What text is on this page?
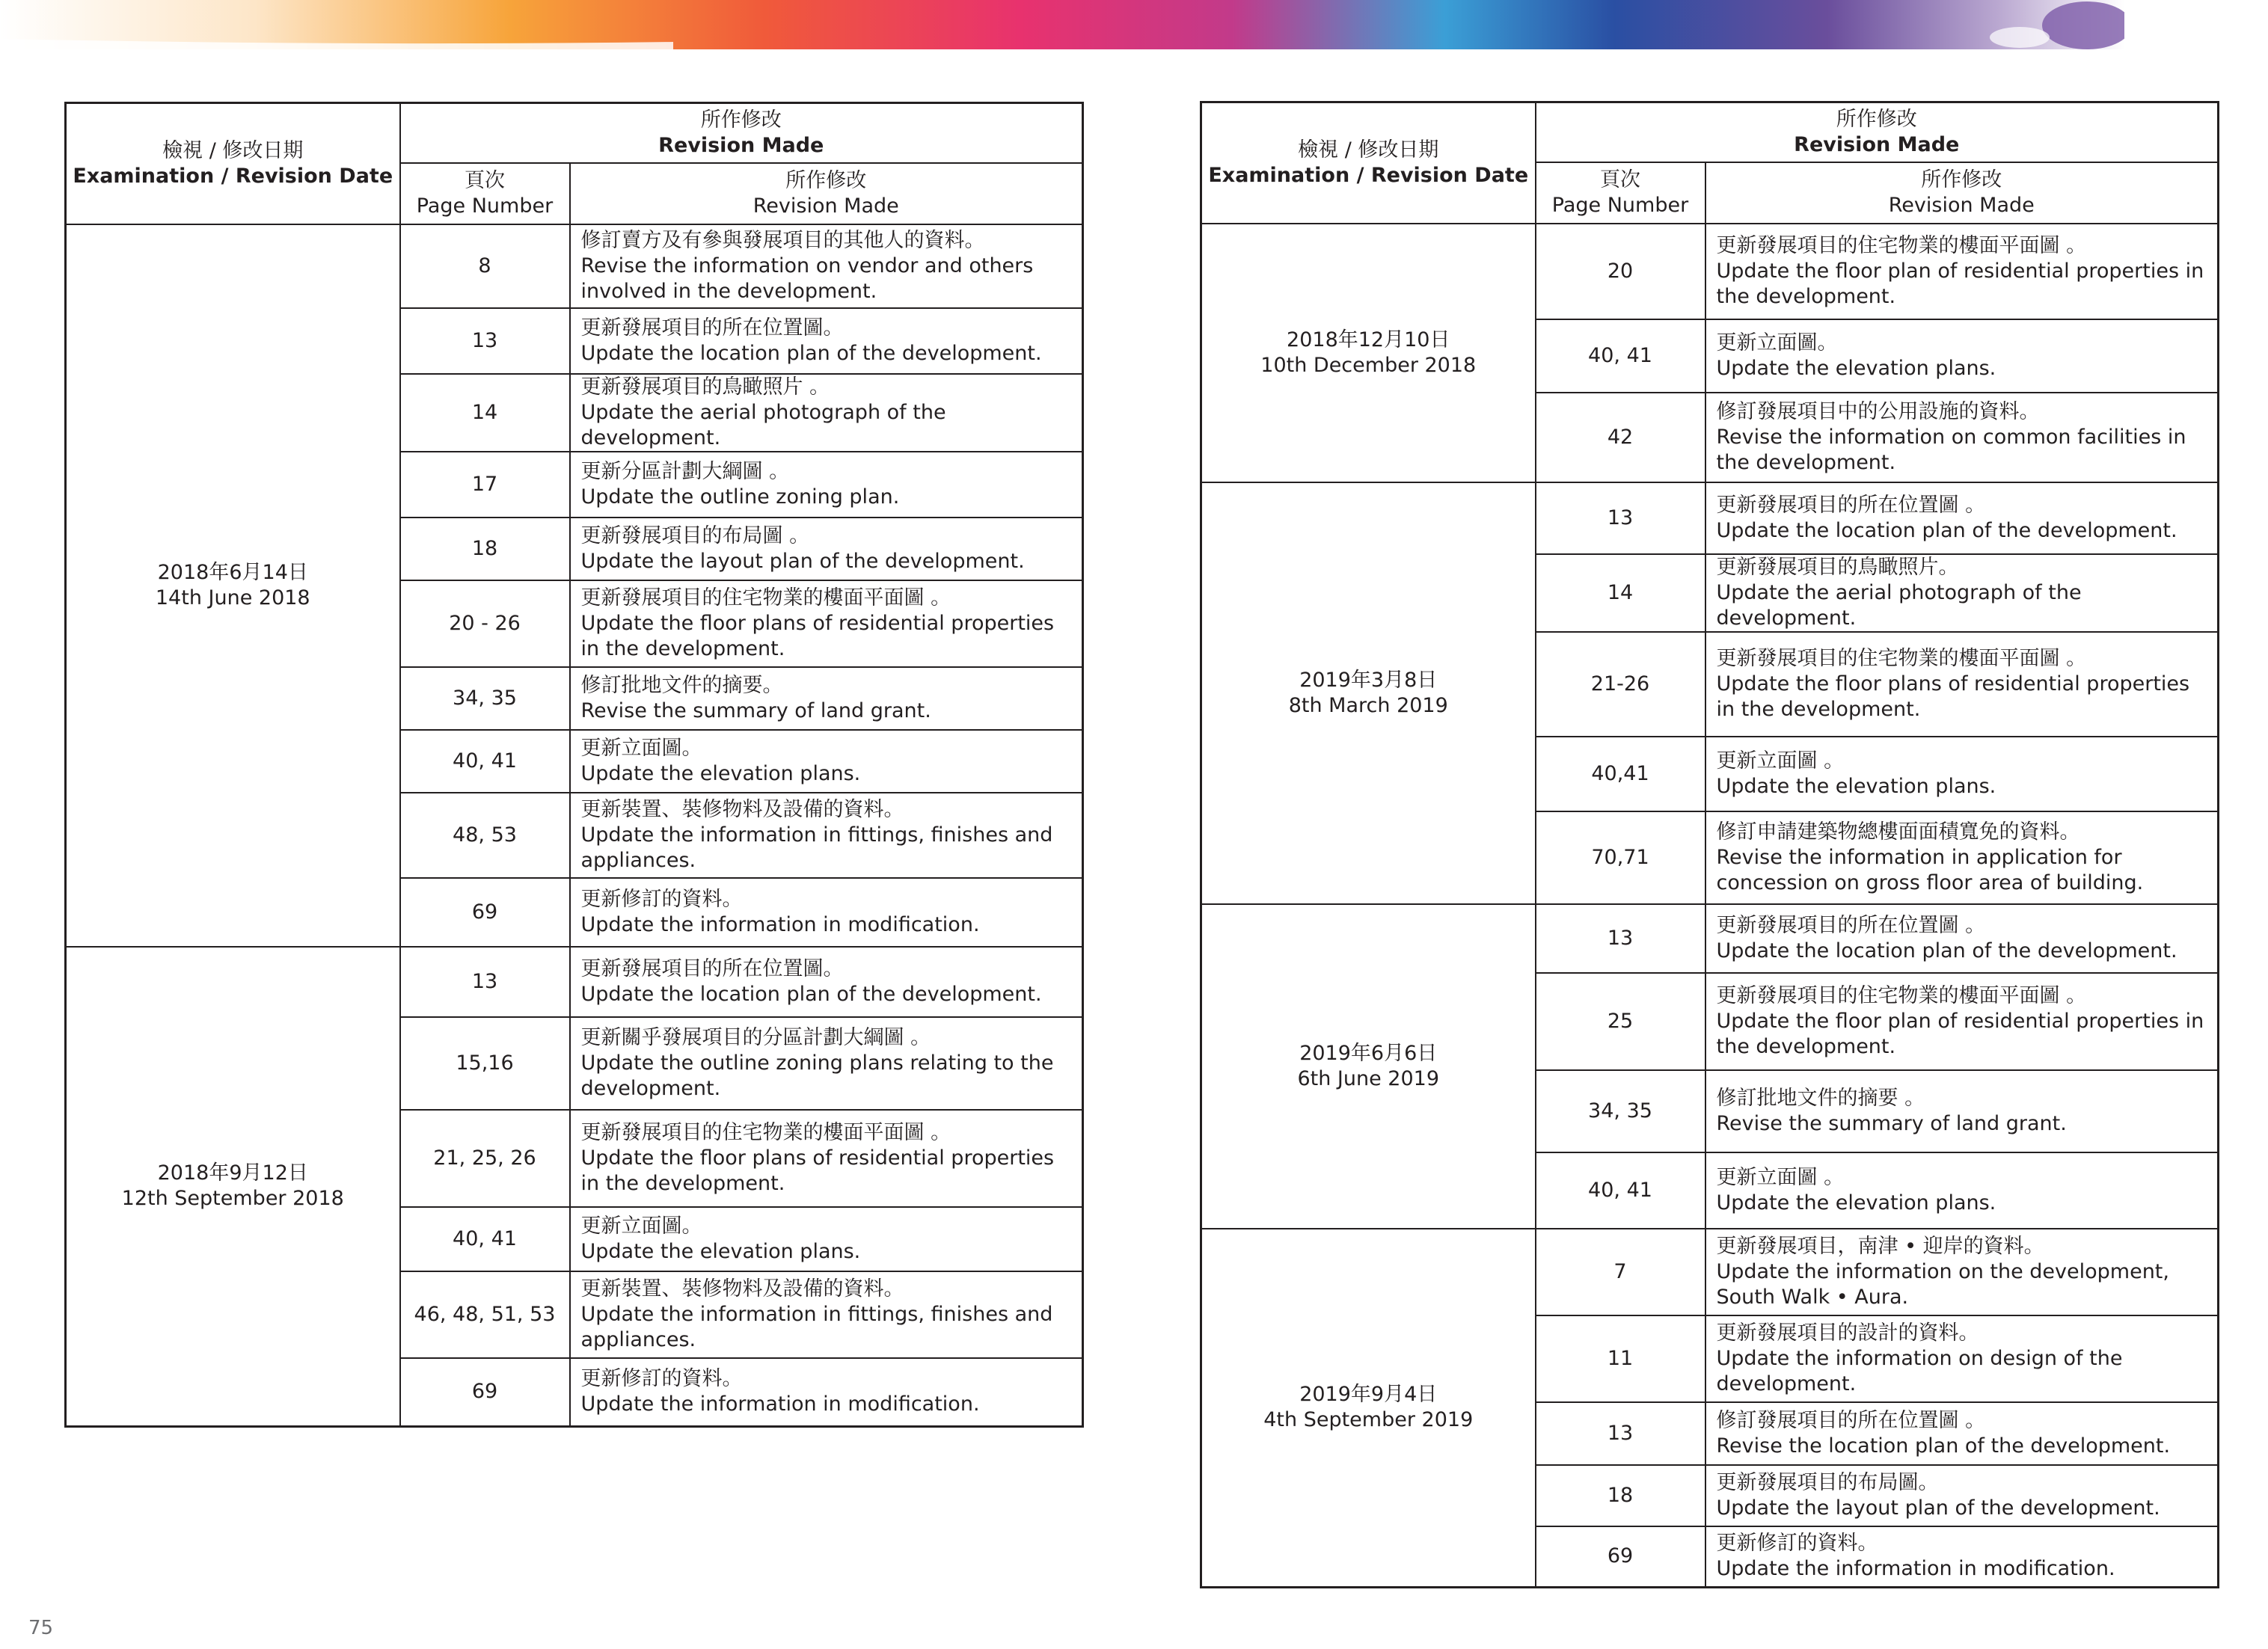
檢視 / 修改日期
Examination / Revision Date	所作修改
Revision Made	

	頁次
Page Number	所作修改
Revision Made

2018年6月14日
14th June 2018	8	修訂賣方及有參與發展項目的其他人的資料。
Revise the information on vendor and others involved in the development.

	13	更新發展項目的所在位置圖。
Update the location plan of the development.

	14	更新發展項目的鳥瞰照片 。
Update the aerial photograph of the development.

	17	更新分區計劃大綱圖 。
Update the outline zoning plan.

	18	更新發展項目的布局圖 。
Update the layout plan of the development.

	20 - 26	更新發展項目的住宅物業的樓面平面圖 。
Update the floor plans of residential properties in the development.

	34, 35	修訂批地文件的摘要。
Revise the summary of land grant.

	40, 41	更新立面圖。
Update the elevation plans.

	48, 53	更新裝置、裝修物料及設備的資料。
Update the information in fittings, finishes and appliances.

	69	更新修訂的資料。
Update the information in modification.

2018年9月12日
12th September 2018	13	更新發展項目的所在位置圖。
Update the location plan of the development.

	15,16	更新關乎發展項目的分區計劃大綱圖 。
Update the outline zoning plans relating to the development.

	21, 25, 26	更新發展項目的住宅物業的樓面平面圖 。
Update the floor plans of residential properties in the development.

	40, 41	更新立面圖。
Update the elevation plans.

	46, 48, 51, 53	更新裝置、裝修物料及設備的資料。
Update the information in fittings, finishes and appliances.

	69	更新修訂的資料。
Update the information in modification.
檢視 / 修改日期
Examination / Revision Date	所作修改
Revision Made	

	頁次
Page Number	所作修改
Revision Made

2018年12月10日
10th December 2018	20	更新發展項目的住宅物業的樓面平面圖 。
Update the floor plan of residential properties in the development.

	40, 41	更新立面圖。
Update the elevation plans.

	42	修訂發展項目中的公用設施的資料。
Revise the information on common facilities in the development.

2019年3月8日
8th March 2019	13	更新發展項目的所在位置圖 。
Update the location plan of the development.

	14	更新發展項目的鳥瞰照片。
Update the aerial photograph of the development.

	21-26	更新發展項目的住宅物業的樓面平面圖 。
Update the floor plans of residential properties in the development.

	40,41	更新立面圖 。
Update the elevation plans.

	70,71	修訂申請建築物總樓面面積寬免的資料。
Revise the information in application for concession on gross floor area of building.

2019年6月6日
6th June 2019	13	更新發展項目的所在位置圖 。
Update the location plan of the development.

	25	更新發展項目的住宅物業的樓面平面圖 。
Update the floor plan of residential properties in the development.

	34, 35	修訂批地文件的摘要 。
Revise the summary of land grant.

	40, 41	更新立面圖 。
Update the elevation plans.

2019年9月4日
4th September 2019	7	更新發展項目，南津 • 迎岸的資料。
Update the information on the development, South Walk • Aura.

	11	更新發展項目的設計的資料。
Update the information on design of the development.

	13	修訂發展項目的所在位置圖 。
Revise the location plan of the development.

	18	更新發展項目的布局圖。
Update the layout plan of the development.

	69	更新修訂的資料。
Update the information in modification.
75
